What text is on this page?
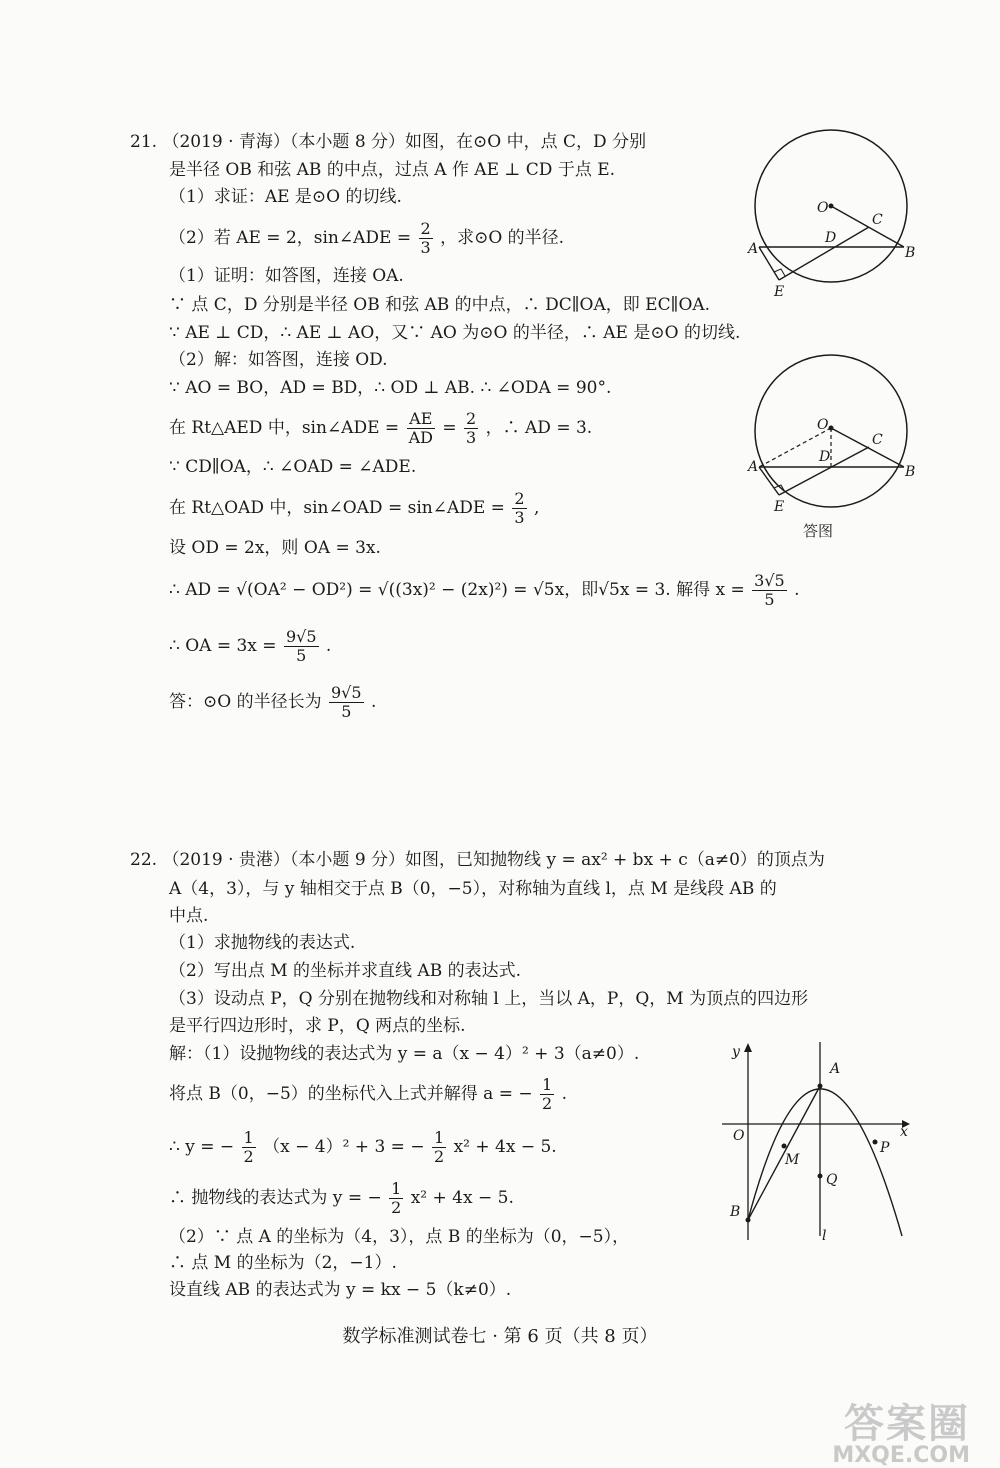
21. （2019 · 青海）（本小题 8 分）如图，在⊙O 中，点 C，D 分别
是半径 OB 和弦 AB 的中点，过点 A 作 AE ⊥ CD 于点 E.
（1）求证：AE 是⊙O 的切线.
（2）若 AE = 2，sin∠ADE = $\frac{2}{3}$ ，求⊙O 的半径.
（1）证明：如答图，连接 OA.
∵ 点 C，D 分别是半径 OB 和弦 AB 的中点，∴ DC∥OA，即 EC∥OA.
∵ AE ⊥ CD，∴ AE ⊥ AO，又∵ AO 为⊙O 的半径，∴ AE 是⊙O 的切线.
（2）解：如答图，连接 OD.
∵ AO = BO，AD = BD，∴ OD ⊥ AB. ∴ ∠ODA = 90°.
在 Rt△AED 中，sin∠ADE = $\frac{AE}{AD} = \frac{2}{3}$ ，∴ AD = 3.
∵ CD∥OA，∴ ∠OAD = ∠ADE.
在 Rt△OAD 中，sin∠OAD = sin∠ADE = $\frac{2}{3}$ ,
设 OD = 2x，则 OA = 3x.
∴ AD = √(OA² − OD²) = √((3x)² − (2x)²) = √5x，即√5x = 3. 解得 $x = \frac{3√5}{5}$ .
∴ OA = $3x = \frac{9√5}{5}$ .
答：⊙O 的半径长为 $\frac{9√5}{5}$ .
O
C
D
A	B
E
O
C
D
A	B
E
答图
22. （2019 · 贵港）（本小题 9 分）如图，已知抛物线 y = ax² + bx + c（a≠0）的顶点为
A（4，3），与 y 轴相交于点 B（0，−5），对称轴为直线 l，点 M 是线段 AB 的
中点.
（1）求抛物线的表达式.
（2）写出点 M 的坐标并求直线 AB 的表达式.
（3）设动点 P，Q 分别在抛物线和对称轴 l 上，当以 A，P，Q，M 为顶点的四边形
是平行四边形时，求 P，Q 两点的坐标.
解：（1）设抛物线的表达式为 y = a（x − 4）² + 3（a≠0）.
将点 B（0，−5）的坐标代入上式并解得 a = − $\frac{1}{2}$ .
∴ y = − $\frac{1}{2} (x - 4)^2 + 3$ = − $\frac{1}{2} x^2 + 4x - 5$.
∴ 抛物线的表达式为 y = − $\frac{1}{2} x^2 + 4x - 5$.
（2）∵ 点 A 的坐标为（4，3），点 B 的坐标为（0，−5），
∴ 点 M 的坐标为（2，−1）.
设直线 AB 的表达式为 y = kx − 5（k≠0）.
y
A
O	x
M
P
Q
B
l
数学标准测试卷七 · 第 6 页（共 8 页）
答案圈
MXQE.COM
